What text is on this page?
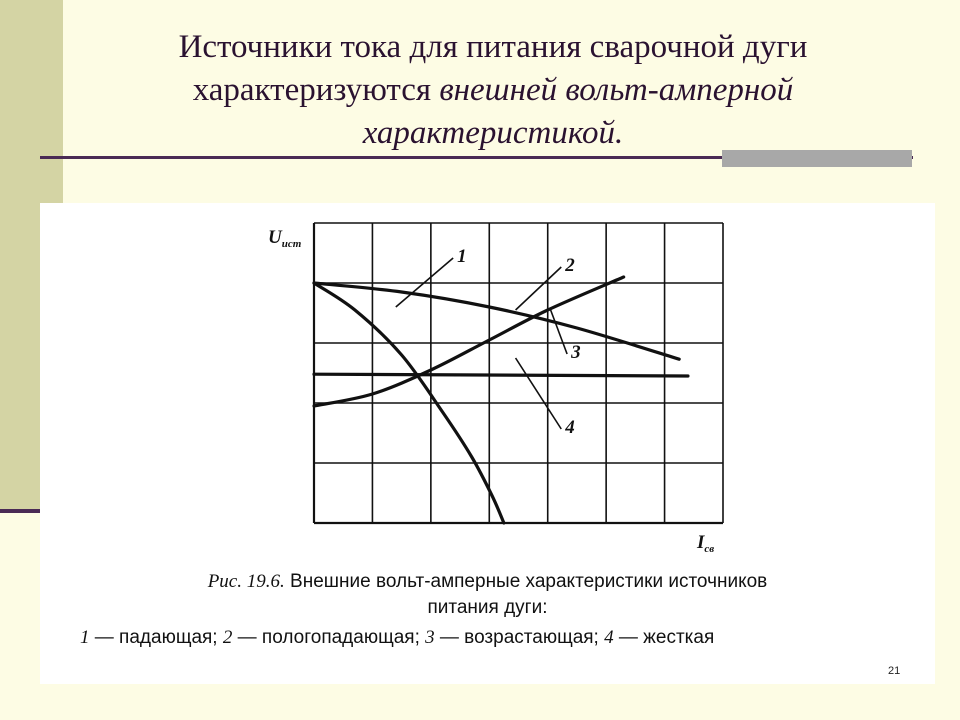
Источники тока для питания сварочной дуги
характеризуются внешней вольт-амперной
характеристикой.
1	2
3
4
$U_{ист}$
$I_{св}$
Рис. 19.6. Внешние вольт-амперные характеристики источников
питания дуги:
1 — падающая; 2 — пологопадающая; 3 — возрастающая; 4 — жесткая
21
